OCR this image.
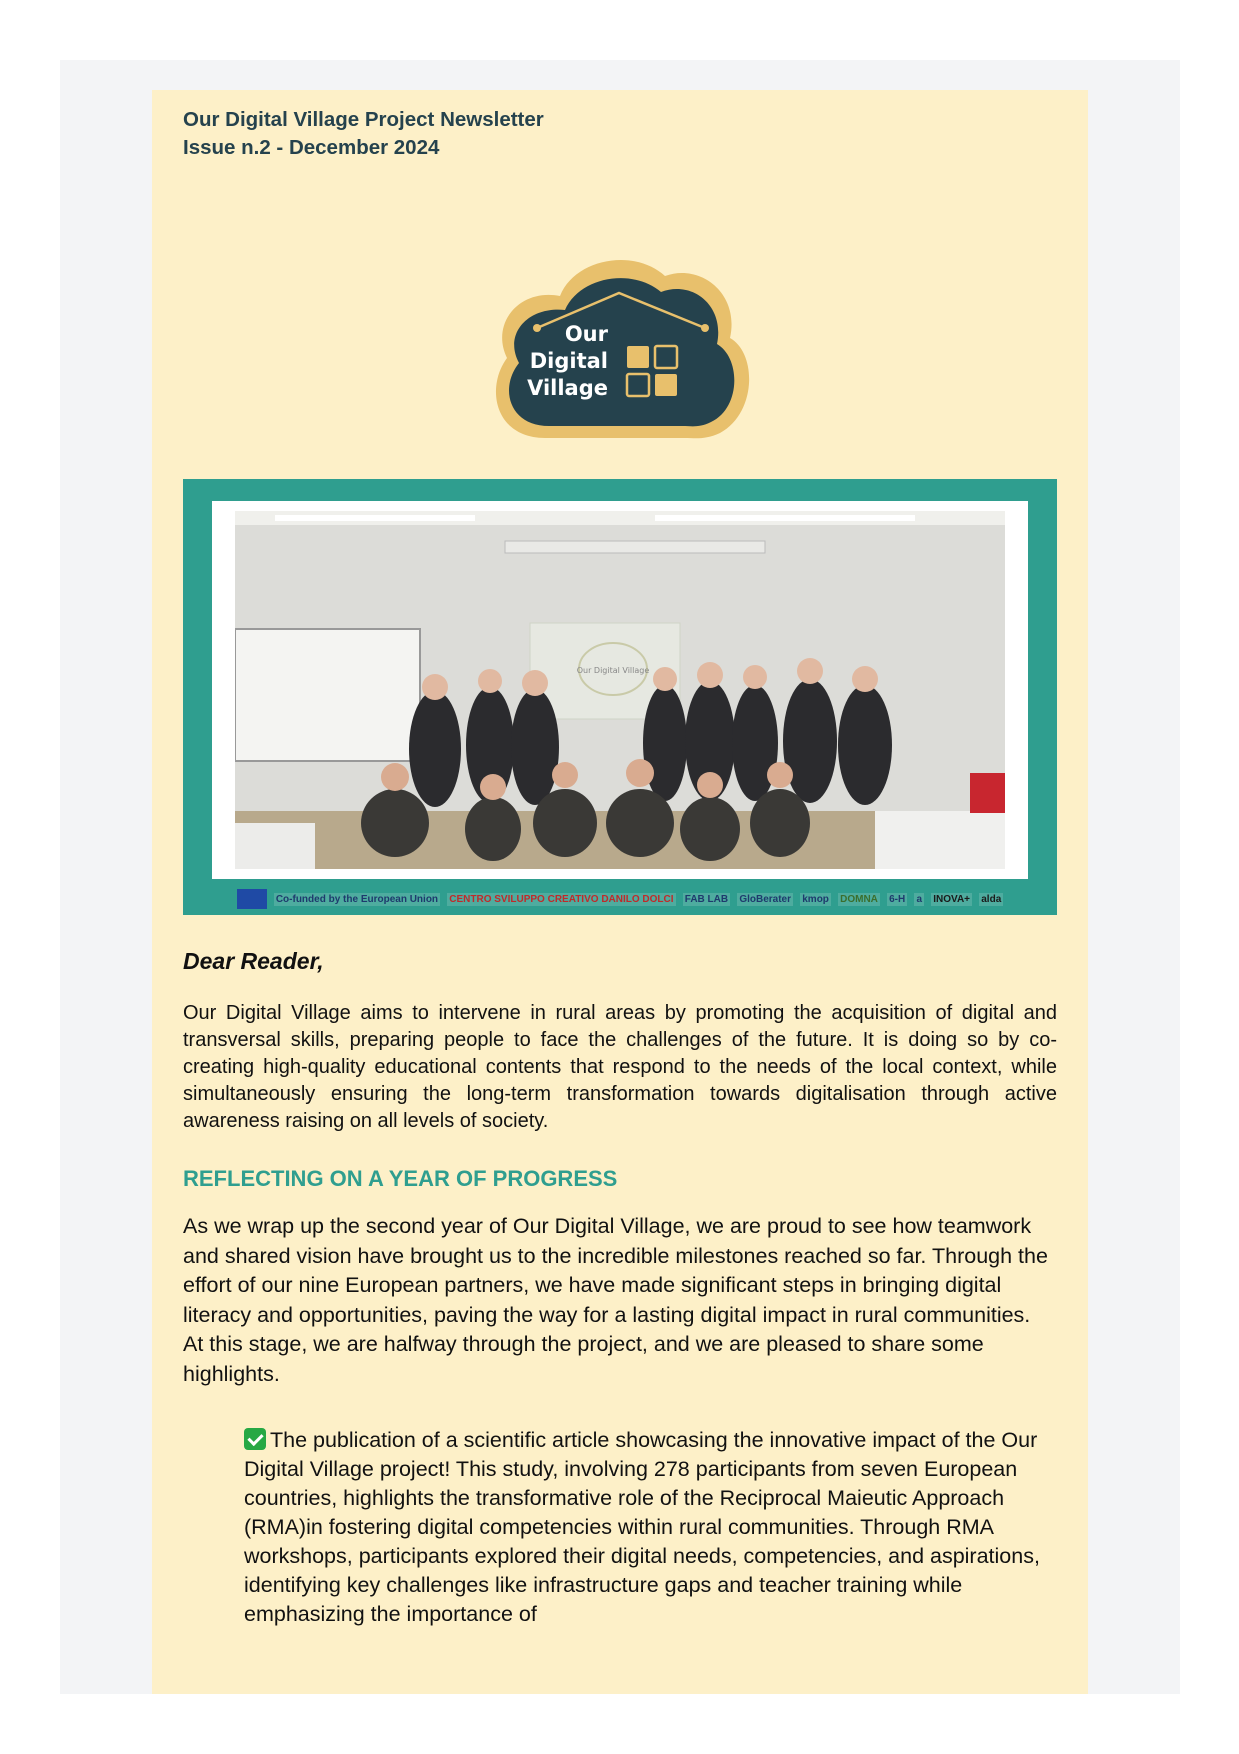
Our Digital Village Project Newsletter
Issue n.2 - December 2024
Our
Digital
Village
Our Digital Village
Co-funded by the European Union CENTRO SVILUPPO CREATIVO DANILO DOLCI FAB LAB GloBerater kmop DOMNA 6-H a INOVA+ alda
Dear Reader,

Our Digital Village aims to intervene in rural areas by promoting the acquisition of digital and transversal skills, preparing people to face the challenges of the future. It is doing so by co-creating high-quality educational contents that respond to the needs of the local context, while simultaneously ensuring the long-term transformation towards digitalisation through active awareness raising on all levels of society.

REFLECTING ON A YEAR OF PROGRESS
As we wrap up the second year of Our Digital Village, we are proud to see how teamwork and shared vision have brought us to the incredible milestones reached so far. Through the effort of our nine European partners, we have made significant steps in bringing digital literacy and opportunities, paving the way for a lasting digital impact in rural communities.
At this stage, we are halfway through the project, and we are pleased to share some highlights.

The publication of a scientific article showcasing the innovative impact of the Our Digital Village project! This study, involving 278 participants from seven European countries, highlights the transformative role of the Reciprocal Maieutic Approach (RMA)in fostering digital competencies within rural communities. Through RMA workshops, participants explored their digital needs, competencies, and aspirations, identifying key challenges like infrastructure gaps and teacher training while emphasizing the importance of
